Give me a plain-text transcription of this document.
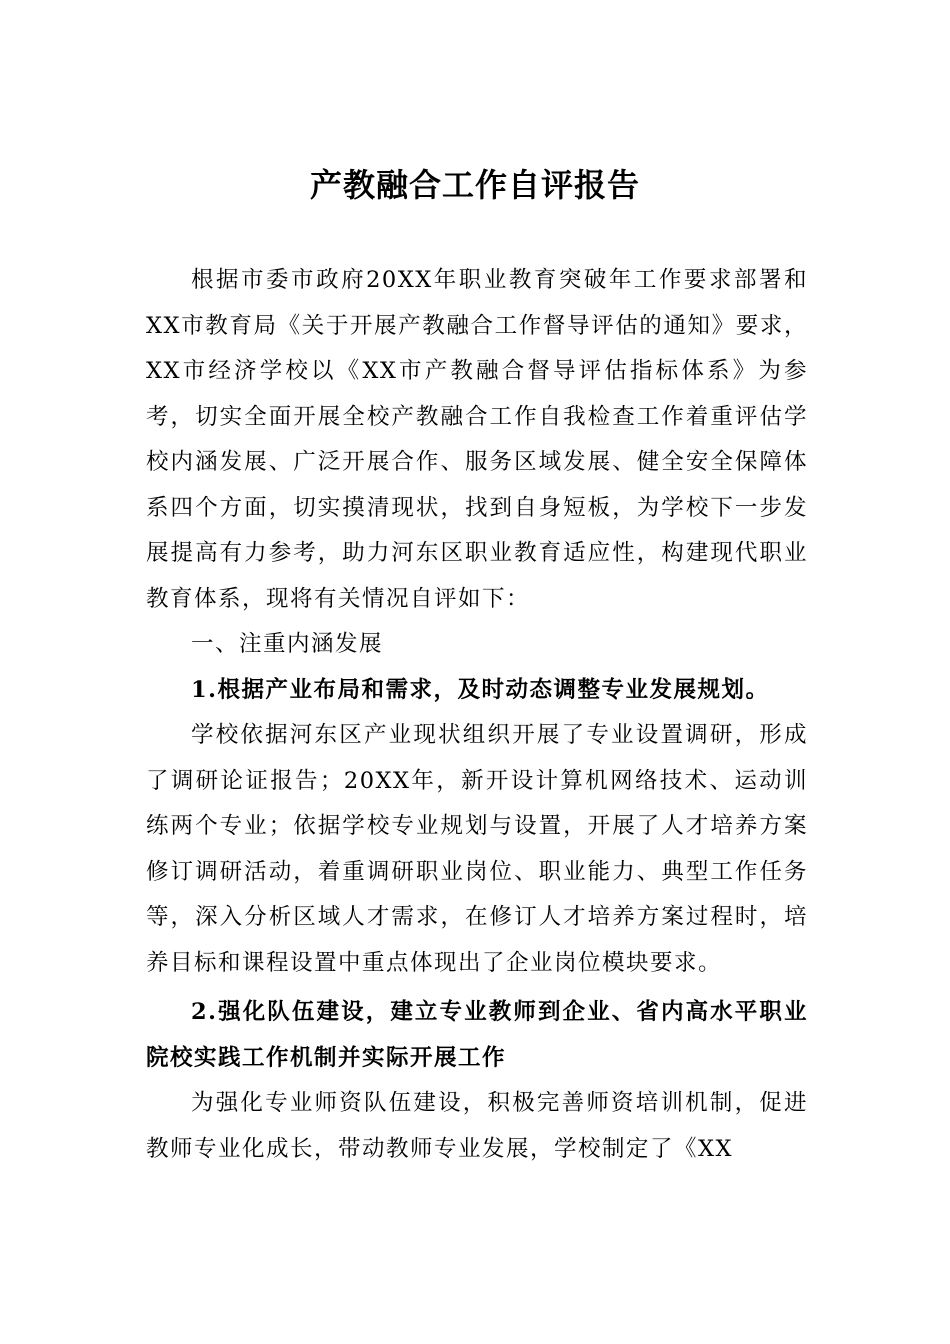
产教融合工作自评报告

根据市委市政府20XX年职业教育突破年工作要求部署和XX市教育局《关于开展产教融合工作督导评估的通知》要求，XX市经济学校以《XX市产教融合督导评估指标体系》为参考，切实全面开展全校产教融合工作自我检查工作着重评估学校内涵发展、广泛开展合作、服务区域发展、健全安全保障体系四个方面，切实摸清现状，找到自身短板，为学校下一步发展提高有力参考，助力河东区职业教育适应性，构建现代职业教育体系，现将有关情况自评如下：

一、注重内涵发展

1.根据产业布局和需求，及时动态调整专业发展规划。

学校依据河东区产业现状组织开展了专业设置调研，形成了调研论证报告；20XX年，新开设计算机网络技术、运动训练两个专业；依据学校专业规划与设置，开展了人才培养方案修订调研活动，着重调研职业岗位、职业能力、典型工作任务等，深入分析区域人才需求，在修订人才培养方案过程时，培养目标和课程设置中重点体现出了企业岗位模块要求。

2.强化队伍建设，建立专业教师到企业、省内高水平职业院校实践工作机制并实际开展工作

为强化专业师资队伍建设，积极完善师资培训机制，促进教师专业化成长，带动教师专业发展，学校制定了《XX
